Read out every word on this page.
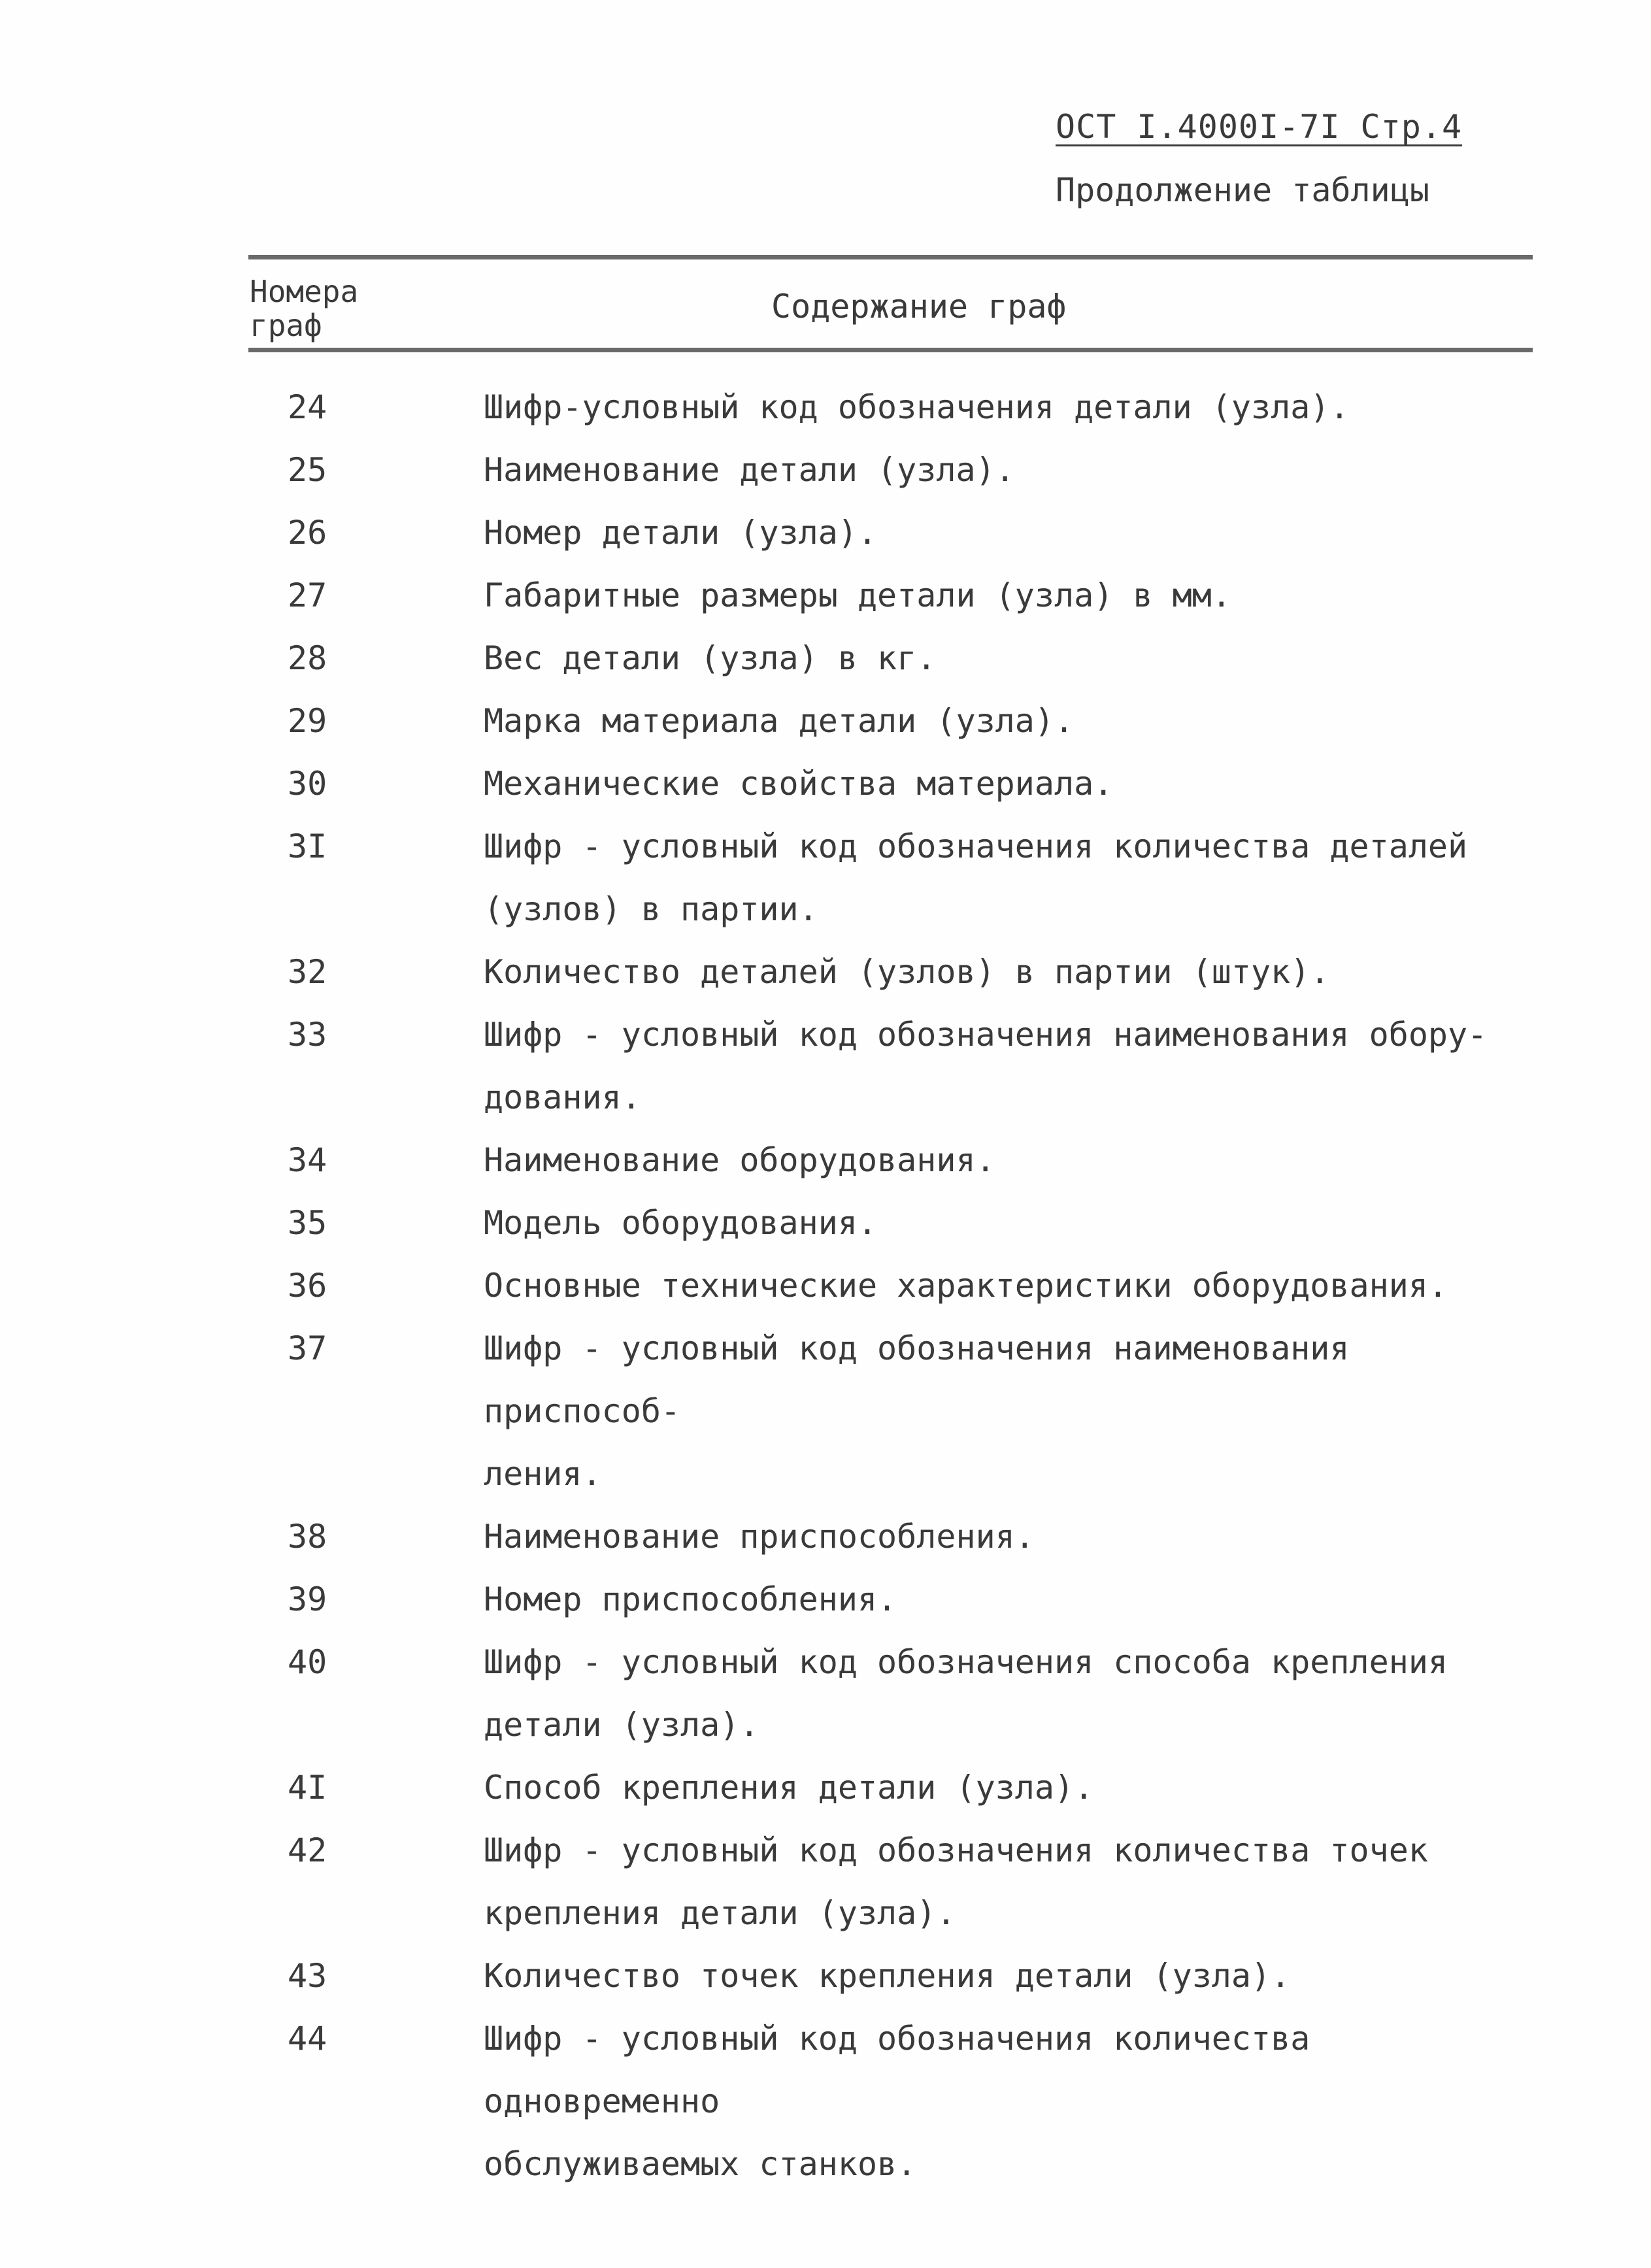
ОСТ I.4000I-7I Стр.4
Продолжение таблицы
Номера
граф	Содержание граф
24	Шифр-условный код обозначения детали (узла).
25	Наименование детали (узла).
26	Номер детали (узла).
27	Габаритные размеры детали (узла) в мм.
28	Вес детали (узла) в кг.
29	Марка материала детали (узла).
30	Механические свойства материала.
3I	Шифр - условный код обозначения количества деталей
(узлов) в партии.
32	Количество деталей (узлов) в партии (штук).
33	Шифр - условный код обозначения наименования обору-
дования.
34	Наименование оборудования.
35	Модель оборудования.
36	Основные технические характеристики оборудования.
37	Шифр - условный код обозначения наименования приспособ-
ления.
38	Наименование приспособления.
39	Номер приспособления.
40	Шифр - условный код обозначения способа крепления
детали (узла).
4I	Способ крепления детали (узла).
42	Шифр - условный код обозначения количества точек
крепления детали (узла).
43	Количество точек крепления детали (узла).
44	Шифр - условный код обозначения количества одновременно
обслуживаемых станков.
